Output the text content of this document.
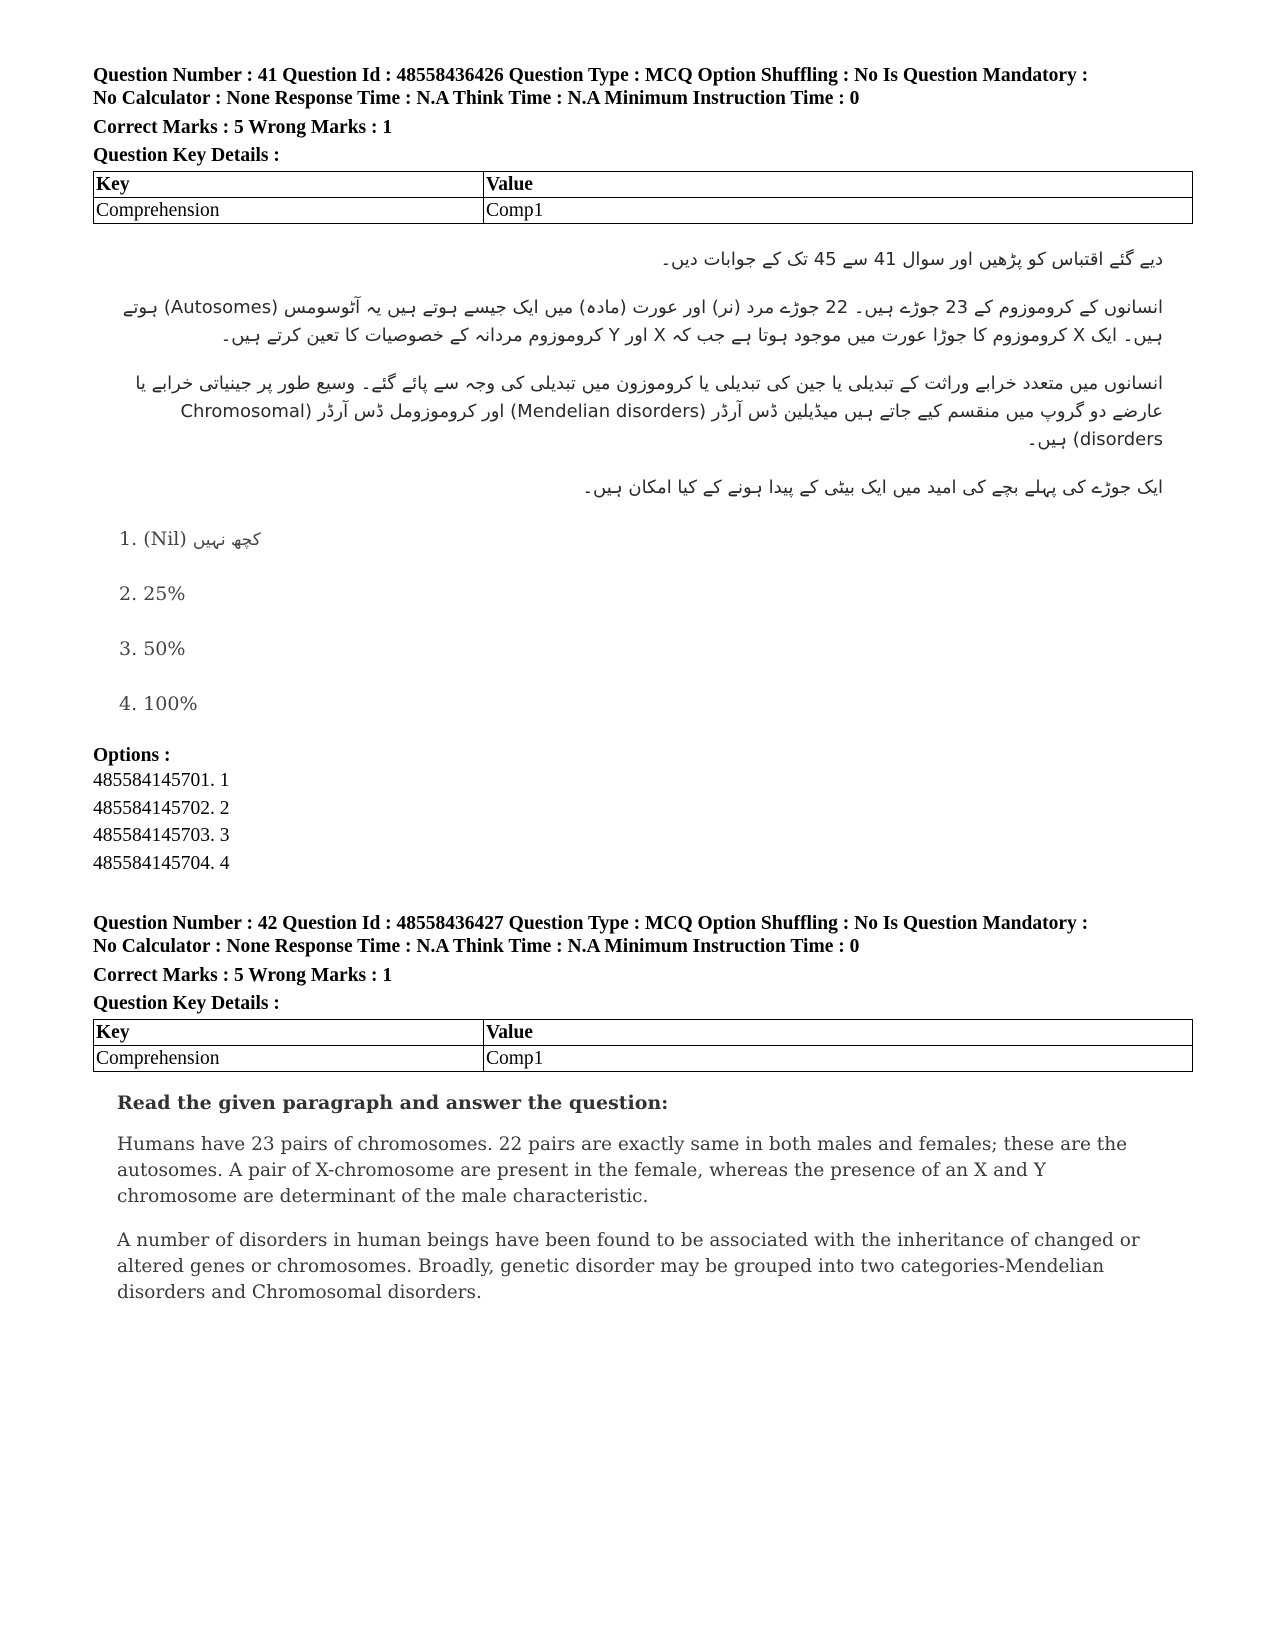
Question Number : 41 Question Id : 48558436426 Question Type : MCQ Option Shuffling : No Is Question Mandatory :
No Calculator : None Response Time : N.A Think Time : N.A Minimum Instruction Time : 0
Correct Marks : 5 Wrong Marks : 1
Question Key Details :
Key	Value
Comprehension	Comp1

دیے گئے اقتباس کو پڑھیں اور سوال 41 سے 45 تک کے جوابات دیں۔

انسانوں کے کروموزوم کے 23 جوڑے ہیں۔ 22 جوڑے مرد (نر) اور عورت (مادہ) میں ایک جیسے ہوتے ہیں یہ آٹوسومس (Autosomes) ہوتے ہیں۔ ایک X کروموزوم کا جوڑا عورت میں موجود ہوتا ہے جب کہ X اور Y کروموزوم مردانہ کے خصوصیات کا تعین کرتے ہیں۔

انسانوں میں متعدد خرابے وراثت کے تبدیلی یا جین کی تبدیلی یا کروموزون میں تبدیلی کی وجہ سے پائے گئے۔ وسیع طور پر جینیاتی خرابے یا عارضے دو گروپ میں منقسم کیے جاتے ہیں میڈیلین ڈس آرڈر (Mendelian disorders) اور کروموزومل ڈس آرڈر (Chromosomal disorders) ہیں۔

ایک جوڑے کی پہلے بچے کی امید میں ایک بیٹی کے پیدا ہونے کے کیا امکان ہیں۔

1. (Nil) کچھ نہیں
2. 25%
3. 50%
4. 100%
Options :
485584145701. 1
485584145702. 2
485584145703. 3
485584145704. 4
Question Number : 42 Question Id : 48558436427 Question Type : MCQ Option Shuffling : No Is Question Mandatory :
No Calculator : None Response Time : N.A Think Time : N.A Minimum Instruction Time : 0
Correct Marks : 5 Wrong Marks : 1
Question Key Details :
Key	Value
Comprehension	Comp1
Read the given paragraph and answer the question:

Humans have 23 pairs of chromosomes. 22 pairs are exactly same in both males and females; these are the autosomes. A pair of X-chromosome are present in the female, whereas the presence of an X and Y chromosome are determinant of the male characteristic.

A number of disorders in human beings have been found to be associated with the inheritance of changed or altered genes or chromosomes. Broadly, genetic disorder may be grouped into two categories-Mendelian disorders and Chromosomal disorders.
